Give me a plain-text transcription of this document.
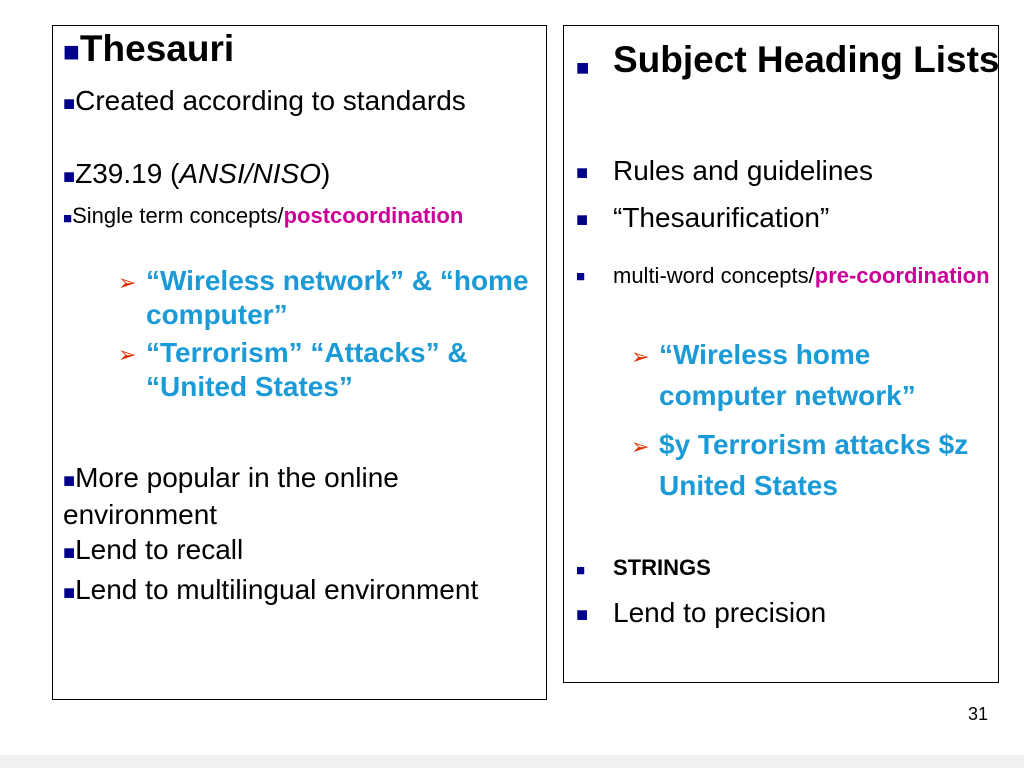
■Thesauri
■Created according to standards
■Z39.19 (ANSI/NISO)
■Single term concepts/postcoordination
➢ “Wireless network” & “home computer”
➢ “Terrorism” “Attacks” & “United States”
■More popular in the online environment
■Lend to recall
■Lend to multilingual environment
■ Subject Heading Lists
■ Rules and guidelines
■ “Thesaurification”
■ multi-word concepts/pre-coordination
➢ “Wireless home computer network”
➢ $y Terrorism attacks $z United States
■ STRINGS
■ Lend to precision
31
